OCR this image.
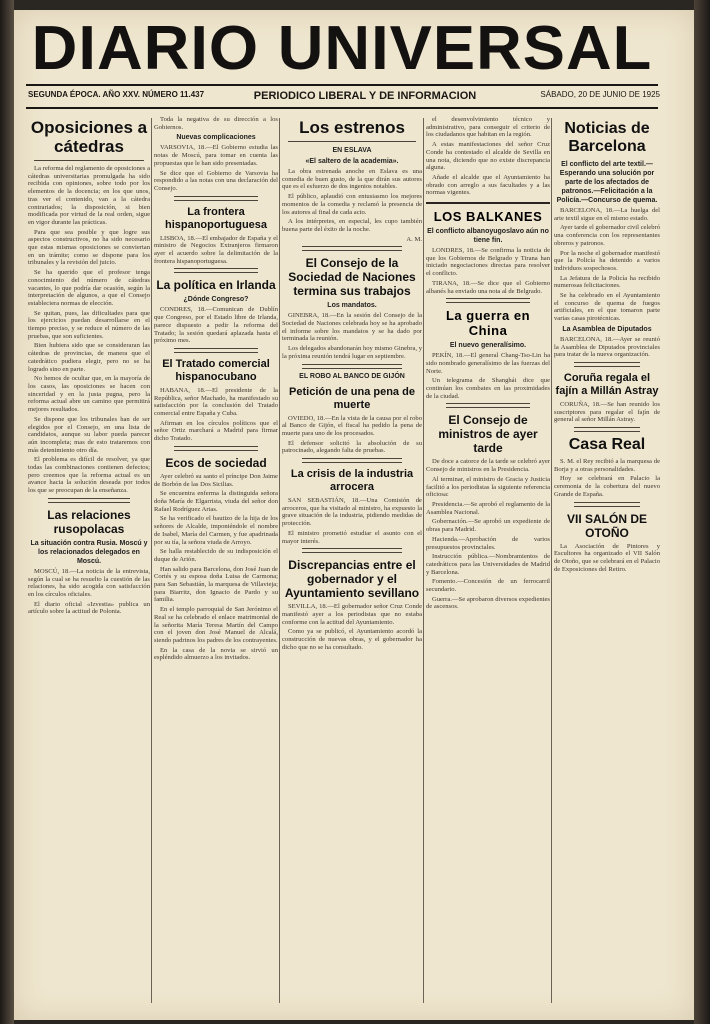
DIARIO UNIVERSAL
SEGUNDA ÉPOCA. AÑO XXV. NÚMERO 11.437	PERIODICO LIBERAL Y DE INFORMACION	SÁBADO, 20 DE JUNIO DE 1925
Oposiciones a cátedras

La reforma del reglamento de oposiciones a cátedras universitarias promulgada ha sido recibida con opiniones, sobre todo por los elementos de la docencia; en los que unos, tras ver el contenido, van a la cátedra contrariados; la disposición, si bien modificada por virtud de la real orden, sigue en vigor durante las prácticas.

Para que sea posible y que logre sus aspectos constructivos, no ha sido necesario que estas mismas oposiciones se conviertan en un trámite; como se dispone para los tribunales y la revisión del juicio.

Se ha querido que el profesor tenga conocimiento del número de cátedras vacantes, lo que podría dar ocasión, según la interpretación de algunos, a que el Consejo estableciera normas de elección.

Se quitan, pues, las dificultades para que los ejercicios puedan desarrollarse en el tiempo preciso, y se reduce el número de las pruebas, que son suficientes.

Bien hubiera sido que se consideraran las cátedras de provincias, de manera que el catedrático pudiera elegir, pero no se ha logrado sino en parte.

No hemos de ocultar que, en la mayoría de los casos, las oposiciones se hacen con sinceridad y en la justa pugna, pero la reforma actual abre un camino que permitirá mejores resultados.

Se dispone que los tribunales han de ser elegidos por el Consejo, en una lista de candidatos, aunque su labor pueda parecer aún incompleta; mas de esto trataremos con más detenimiento otro día.

El problema es difícil de resolver, ya que todas las combinaciones contienen defectos; pero creemos que la reforma actual es un avance hacia la solución deseada por todos los que se preocupan de la enseñanza.

Las relaciones rusopolacas
La situación contra Rusia. Moscú y los relacionados delegados en Moscú.

MOSCÚ, 18.—La noticia de la entrevista, según la cual se ha resuelto la cuestión de las relaciones, ha sido acogida con satisfacción en los círculos oficiales.

El diario oficial «Izvestia» publica un artículo sobre la actitud de Polonia.

Toda la negativa de su dirección a los Gobiernos.

Nuevas complicaciones

VARSOVIA, 18.—El Gobierno estudia las notas de Moscú, para tomar en cuenta las propuestas que le han sido presentadas.

Se dice que el Gobierno de Varsovia ha respondido a las notas con una declaración del Consejo.

La frontera hispanoportuguesa

LISBOA, 18.—El embajador de España y el ministro de Negocios Extranjeros firmaron ayer el acuerdo sobre la delimitación de la frontera hispanoportuguesa.

La política en Irlanda
¿Dónde Congreso?

CONDRES, 18.—Comunican de Dublín que Congreso, por el Estado libre de Irlanda, parece dispuesto a pedir la reforma del Tratado; la sesión quedará aplazada hasta el próximo mes.

El Tratado comercial hispanocubano

HABANA, 18.—El presidente de la República, señor Machado, ha manifestado su satisfacción por la conclusión del Tratado comercial entre España y Cuba.

Afirman en los círculos políticos que el señor Ortiz marchará a Madrid para firmar dicho Tratado.

Ecos de sociedad

Ayer celebró su santo el príncipe Don Jaime de Borbón de las Dos Sicilias.

Se encuentra enferma la distinguida señora doña María de Elgarrista, viuda del señor don Rafael Rodríguez Arias.

Se ha verificado el bautizo de la hija de los señores de Alcalde, imponiéndole el nombre de Isabel, María del Carmen, y fue apadrinada por su tía, la señora viuda de Arroyo.

Se halla restablecido de su indisposición el duque de Arión.

Han salido para Barcelona, don José Juan de Cortés y su esposa doña Luisa de Carmona; para San Sebastián, la marquesa de Villavieja; para Biarritz, don Ignacio de Pardo y su familia.

En el templo parroquial de San Jerónimo el Real se ha celebrado el enlace matrimonial de la señorita María Teresa Martín del Campo con el joven don José Manuel de Alcalá, siendo padrinos los padres de los contrayentes.

En la casa de la novia se sirvió un espléndido almuerzo a los invitados.

Los estrenos
EN ESLAVA
«El saltero de la academia».

La obra estrenada anoche en Eslava es una comedia de buen gusto, de la que dirán sus autores que es el esfuerzo de dos ingenios notables.

El público, aplaudió con entusiasmo los mejores momentos de la comedia y reclamó la presencia de los autores al final de cada acto.

A los intérpretes, en especial, les cupo también buena parte del éxito de la noche.

A. M.

El Consejo de la Sociedad de Naciones termina sus trabajos
Los mandatos.

GINEBRA, 18.—En la sesión del Consejo de la Sociedad de Naciones celebrada hoy se ha aprobado el informe sobre los mandatos y se ha dado por terminada la reunión.

Los delegados abandonarán hoy mismo Ginebra, y la próxima reunión tendrá lugar en septiembre.

EL ROBO AL BANCO DE GIJÓN
Petición de una pena de muerte

OVIEDO, 18.—En la vista de la causa por el robo al Banco de Gijón, el fiscal ha pedido la pena de muerte para uno de los procesados.

El defensor solicitó la absolución de su patrocinado, alegando falta de pruebas.

La crisis de la industria arrocera

SAN SEBASTIÁN, 18.—Una Comisión de arroceros, que ha visitado al ministro, ha expuesto la grave situación de la industria, pidiendo medidas de protección.

El ministro prometió estudiar el asunto con el mayor interés.

Discrepancias entre el gobernador y el Ayuntamiento sevillano

SEVILLA, 18.—El gobernador señor Cruz Conde manifestó ayer a los periodistas que no estaba conforme con la actitud del Ayuntamiento.

Como ya se publicó, el Ayuntamiento acordó la construcción de nuevas obras, y el gobernador ha dicho que no se ha consultado.

el desenvolvimiento técnico y administrativo, para conseguir el criterio de los ciudadanos que habitan en la región.

A estas manifestaciones del señor Cruz Conde ha contestado el alcalde de Sevilla en una nota, diciendo que no existe discrepancia alguna.

Añade el alcalde que el Ayuntamiento ha obrado con arreglo a sus facultades y a las normas vigentes.

LOS BALKANES
El conflicto albanoyugoslavo aún no tiene fin.

LONDRES, 18.—Se confirma la noticia de que los Gobiernos de Belgrado y Tirana han iniciado negociaciones directas para resolver el conflicto.

TIRANA, 18.—Se dice que el Gobierno albanés ha enviado una nota al de Belgrado.

La guerra en China
El nuevo generalísimo.

PEKÍN, 18.—El general Chang-Tso-Lin ha sido nombrado generalísimo de las fuerzas del Norte.

Un telegrama de Shanghái dice que continúan los combates en las proximidades de la ciudad.

El Consejo de ministros de ayer tarde

De doce a catorce de la tarde se celebró ayer Consejo de ministros en la Presidencia.

Al terminar, el ministro de Gracia y Justicia facilitó a los periodistas la siguiente referencia oficiosa:

Presidencia.—Se aprobó el reglamento de la Asamblea Nacional.

Gobernación.—Se aprobó un expediente de obras para Madrid.

Hacienda.—Aprobación de varios presupuestos provinciales.

Instrucción pública.—Nombramientos de catedráticos para las Universidades de Madrid y Barcelona.

Fomento.—Concesión de un ferrocarril secundario.

Guerra.—Se aprobaron diversos expedientes de ascensos.

Noticias de Barcelona
El conflicto del arte textil.—Esperando una solución por parte de los afectados de patronos.—Felicitación a la Policía.—Concurso de quema.

BARCELONA, 18.—La huelga del arte textil sigue en el mismo estado.

Ayer tarde el gobernador civil celebró una conferencia con los representantes obreros y patronos.

Por la noche el gobernador manifestó que la Policía ha detenido a varios individuos sospechosos.

La Jefatura de la Policía ha recibido numerosas felicitaciones.

Se ha celebrado en el Ayuntamiento el concurso de quema de fuegos artificiales, en el que tomaron parte varias casas pirotécnicas.

La Asamblea de Diputados

BARCELONA, 18.—Ayer se reunió la Asamblea de Diputados provinciales para tratar de la nueva organización.

Coruña regala el fajín a Millán Astray

CORUÑA, 18.—Se han reunido los suscriptores para regalar el fajín de general al señor Millán Astray.

Casa Real

S. M. el Rey recibió a la marquesa de Borja y a otras personalidades.

Hoy se celebrará en Palacio la ceremonia de la cobertura del nuevo Grande de España.

VII SALÓN DE OTOÑO

La Asociación de Pintores y Escultores ha organizado el VII Salón de Otoño, que se celebrará en el Palacio de Exposiciones del Retiro.
